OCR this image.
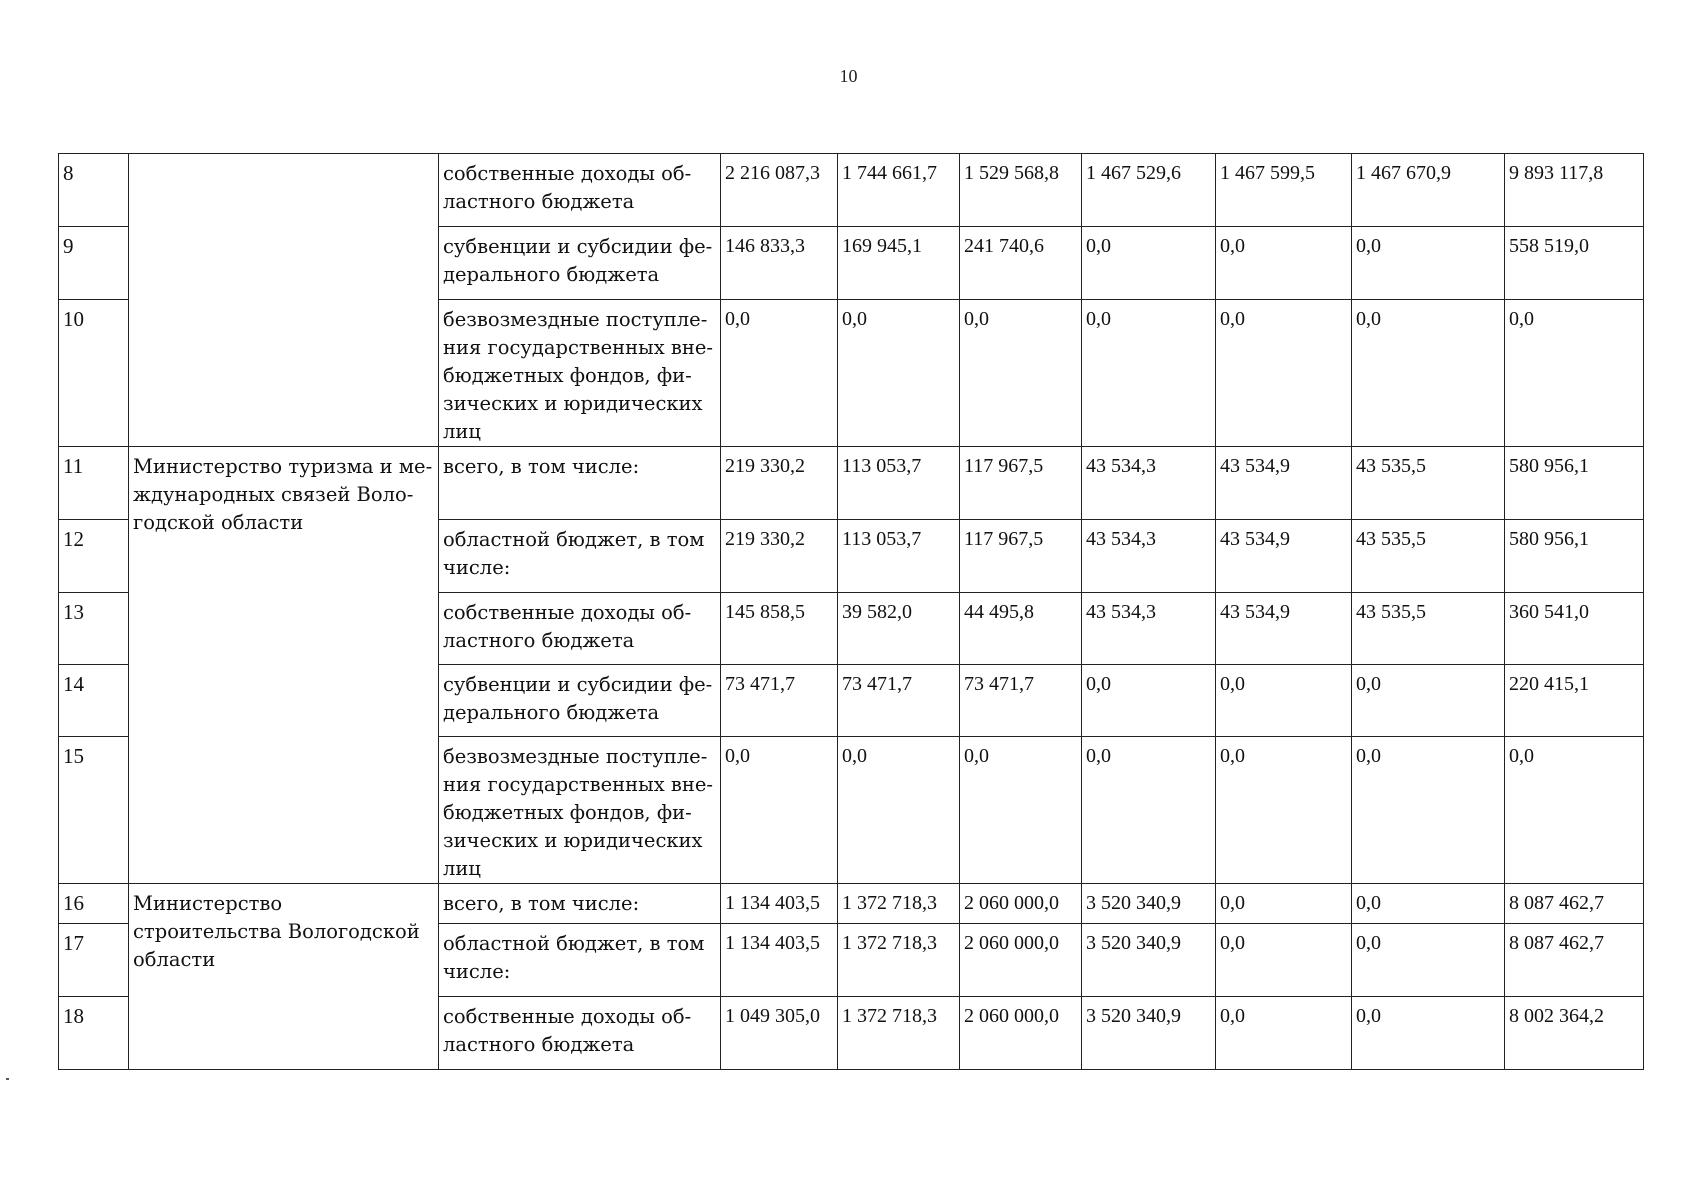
10
8		собственные доходы об-ластного бюджета	2 216 087,3	1 744 661,7	1 529 568,8	1 467 529,6	1 467 599,5	1 467 670,9	9 893 117,8
9		субвенции и субсидии фе-дерального бюджета	146 833,3	169 945,1	241 740,6	0,0	0,0	0,0	558 519,0
10		безвозмездные поступле-ния государственных вне-бюджетных фондов, фи-зических и юридических лиц	0,0	0,0	0,0	0,0	0,0	0,0	0,0
11	Министерство туризма и ме-ждународных связей Воло-годской области	всего, в том числе:	219 330,2	113 053,7	117 967,5	43 534,3	43 534,9	43 535,5	580 956,1
12		областной бюджет, в том числе:	219 330,2	113 053,7	117 967,5	43 534,3	43 534,9	43 535,5	580 956,1
13		собственные доходы об-ластного бюджета	145 858,5	39 582,0	44 495,8	43 534,3	43 534,9	43 535,5	360 541,0
14		субвенции и субсидии фе-дерального бюджета	73 471,7	73 471,7	73 471,7	0,0	0,0	0,0	220 415,1
15		безвозмездные поступле-ния государственных вне-бюджетных фондов, фи-зических и юридических лиц	0,0	0,0	0,0	0,0	0,0	0,0	0,0
16	Министерство строительства Вологодской области	всего, в том числе:	1 134 403,5	1 372 718,3	2 060 000,0	3 520 340,9	0,0	0,0	8 087 462,7
17		областной бюджет, в том числе:	1 134 403,5	1 372 718,3	2 060 000,0	3 520 340,9	0,0	0,0	8 087 462,7
18		собственные доходы об-ластного бюджета	1 049 305,0	1 372 718,3	2 060 000,0	3 520 340,9	0,0	0,0	8 002 364,2
